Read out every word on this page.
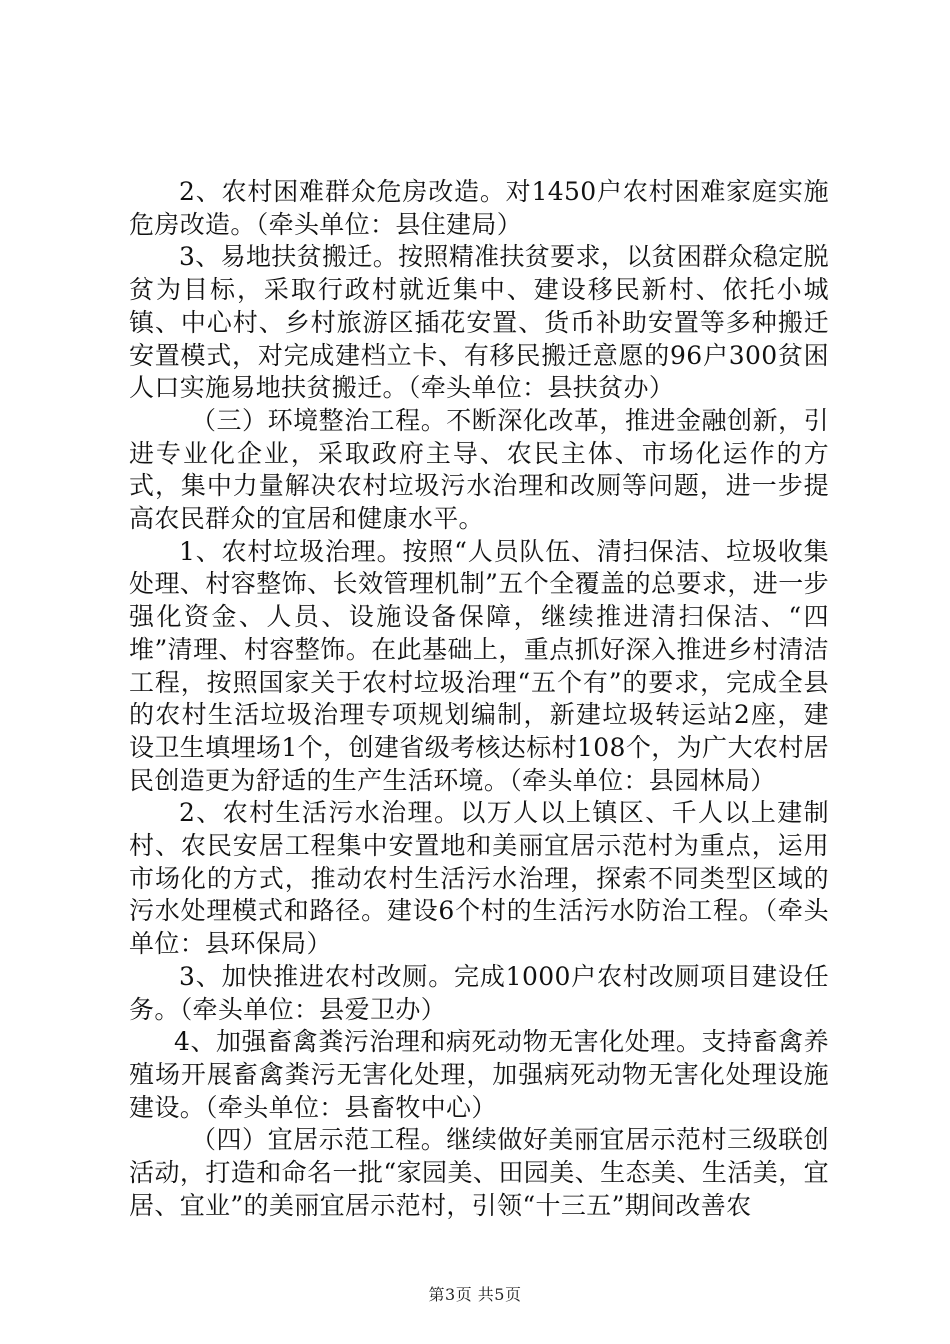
2、农村困难群众危房改造。对1450户农村困难家庭实施危房改造。（牵头单位：县住建局）

3、易地扶贫搬迁。按照精准扶贫要求，以贫困群众稳定脱贫为目标，采取行政村就近集中、建设移民新村、依托小城镇、中心村、乡村旅游区插花安置、货币补助安置等多种搬迁安置模式，对完成建档立卡、有移民搬迁意愿的96户300贫困人口实施易地扶贫搬迁。（牵头单位：县扶贫办）

（三）环境整治工程。不断深化改革，推进金融创新，引进专业化企业，采取政府主导、农民主体、市场化运作的方式，集中力量解决农村垃圾污水治理和改厕等问题，进一步提高农民群众的宜居和健康水平。

1、农村垃圾治理。按照“人员队伍、清扫保洁、垃圾收集处理、村容整饰、长效管理机制”五个全覆盖的总要求，进一步强化资金、人员、设施设备保障，继续推进清扫保洁、“四堆”清理、村容整饰。在此基础上，重点抓好深入推进乡村清洁工程，按照国家关于农村垃圾治理“五个有”的要求，完成全县的农村生活垃圾治理专项规划编制，新建垃圾转运站2座，建设卫生填埋场1个，创建省级考核达标村108个，为广大农村居民创造更为舒适的生产生活环境。（牵头单位：县园林局）

2、农村生活污水治理。以万人以上镇区、千人以上建制村、农民安居工程集中安置地和美丽宜居示范村为重点，运用市场化的方式，推动农村生活污水治理，探索不同类型区域的污水处理模式和路径。建设6个村的生活污水防治工程。（牵头单位：县环保局）

3、加快推进农村改厕。完成1000户农村改厕项目建设任务。（牵头单位：县爱卫办）

4、加强畜禽粪污治理和病死动物无害化处理。支持畜禽养殖场开展畜禽粪污无害化处理，加强病死动物无害化处理设施建设。（牵头单位：县畜牧中心）

（四）宜居示范工程。继续做好美丽宜居示范村三级联创活动，打造和命名一批“家园美、田园美、生态美、生活美，宜居、宜业”的美丽宜居示范村，引领“十三五”期间改善农

第3页 共5页
